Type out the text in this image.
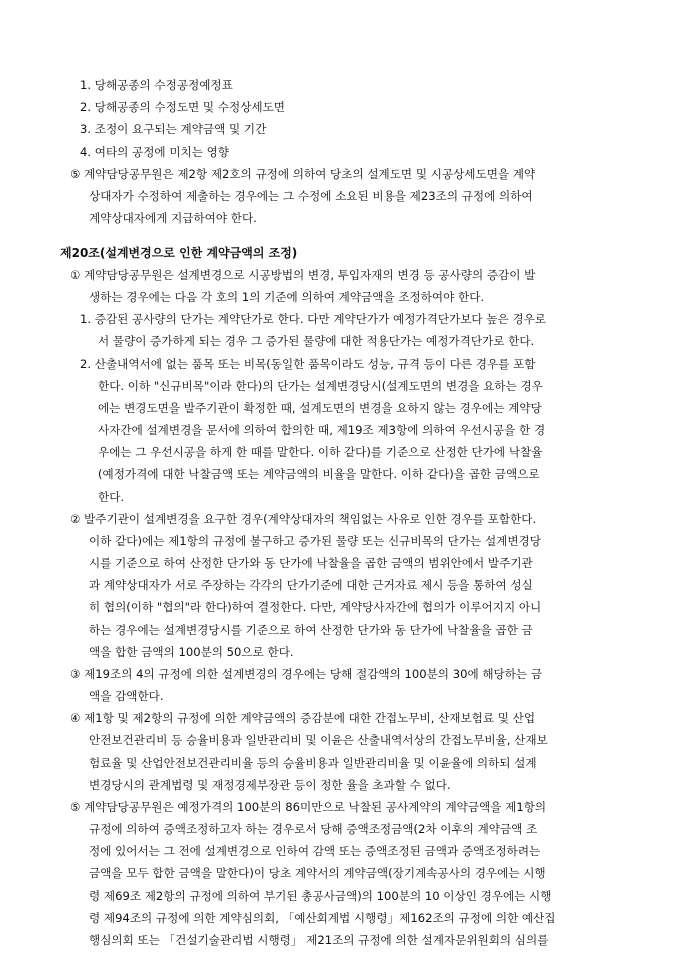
1. 당해공종의 수정공정예정표
2. 당해공종의 수정도면 및 수정상세도면
3. 조정이 요구되는 계약금액 및 기간
4. 여타의 공정에 미치는 영향
⑤ 계약담당공무원은 제2항 제2호의 규정에 의하여 당초의 설계도면 및 시공상세도면을 계약
상대자가 수정하여 제출하는 경우에는 그 수정에 소요된 비용을 제23조의 규정에 의하여
계약상대자에게 지급하여야 한다.
제20조(설계변경으로 인한 계약금액의 조정)
① 계약담당공무원은 설계변경으로 시공방법의 변경, 투입자재의 변경 등 공사량의 증감이 발
생하는 경우에는 다음 각 호의 1의 기준에 의하여 계약금액을 조정하여야 한다.
1. 증감된 공사량의 단가는 계약단가로 한다. 다만 계약단가가 예정가격단가보다 높은 경우로
서 물량이 증가하게 되는 경우 그 증가된 물량에 대한 적용단가는 예정가격단가로 한다.
2. 산출내역서에 없는 품목 또는 비목(동일한 품목이라도 성능, 규격 등이 다른 경우를 포함
한다. 이하 "신규비목"이라 한다)의 단가는 설계변경당시(설계도면의 변경을 요하는 경우
에는 변경도면을 발주기관이 확정한 때, 설계도면의 변경을 요하지 않는 경우에는 계약당
사자간에 설계변경을 문서에 의하여 합의한 때, 제19조 제3항에 의하여 우선시공을 한 경
우에는 그 우선시공을 하게 한 때를 말한다. 이하 같다)를 기준으로 산정한 단가에 낙찰율
(예정가격에 대한 낙찰금액 또는 계약금액의 비율을 말한다. 이하 같다)을 곱한 금액으로
한다.
② 발주기관이 설계변경을 요구한 경우(계약상대자의 책임없는 사유로 인한 경우를 포함한다.
이하 같다)에는 제1항의 규정에 불구하고 증가된 물량 또는 신규비목의 단가는 설계변경당
시를 기준으로 하여 산정한 단가와 동 단가에 낙찰율을 곱한 금액의 범위안에서 발주기관
과 계약상대자가 서로 주장하는 각각의 단가기준에 대한 근거자료 제시 등을 통하여 성실
히 협의(이하 "협의"라 한다)하여 결정한다. 다만, 계약당사자간에 협의가 이루어지지 아니
하는 경우에는 설계변경당시를 기준으로 하여 산정한 단가와 동 단가에 낙찰율을 곱한 금
액을 합한 금액의 100분의 50으로 한다.
③ 제19조의 4의 규정에 의한 설계변경의 경우에는 당해 절감액의 100분의 30에 해당하는 금
액을 감액한다.
④ 제1항 및 제2항의 규정에 의한 계약금액의 증감분에 대한 간접노무비, 산재보험료 및 산업
안전보건관리비 등 승율비용과 일반관리비 및 이윤은 산출내역서상의 간접노무비율, 산재보
험료율 및 산업안전보건관리비율 등의 승율비용과 일반관리비율 및 이윤율에 의하되 설계
변경당시의 관계법령 및 재정경제부장관 등이 정한 율을 초과할 수 없다.
⑤ 계약담당공무원은 예정가격의 100분의 86미만으로 낙찰된 공사계약의 계약금액을 제1항의
규정에 의하여 증액조정하고자 하는 경우로서 당해 증액조정금액(2차 이후의 계약금액 조
정에 있어서는 그 전에 설계변경으로 인하여 감액 또는 증액조정된 금액과 증액조정하려는
금액을 모두 합한 금액을 말한다)이 당초 계약서의 계약금액(장기계속공사의 경우에는 시행
령 제69조 제2항의 규정에 의하여 부기된 총공사금액)의 100분의 10 이상인 경우에는 시행
령 제94조의 규정에 의한 계약심의회, 「예산회계법 시행령」제162조의 규정에 의한 예산집
행심의회 또는 「건설기술관리법 시행령」 제21조의 규정에 의한 설계자문위원회의 심의를
